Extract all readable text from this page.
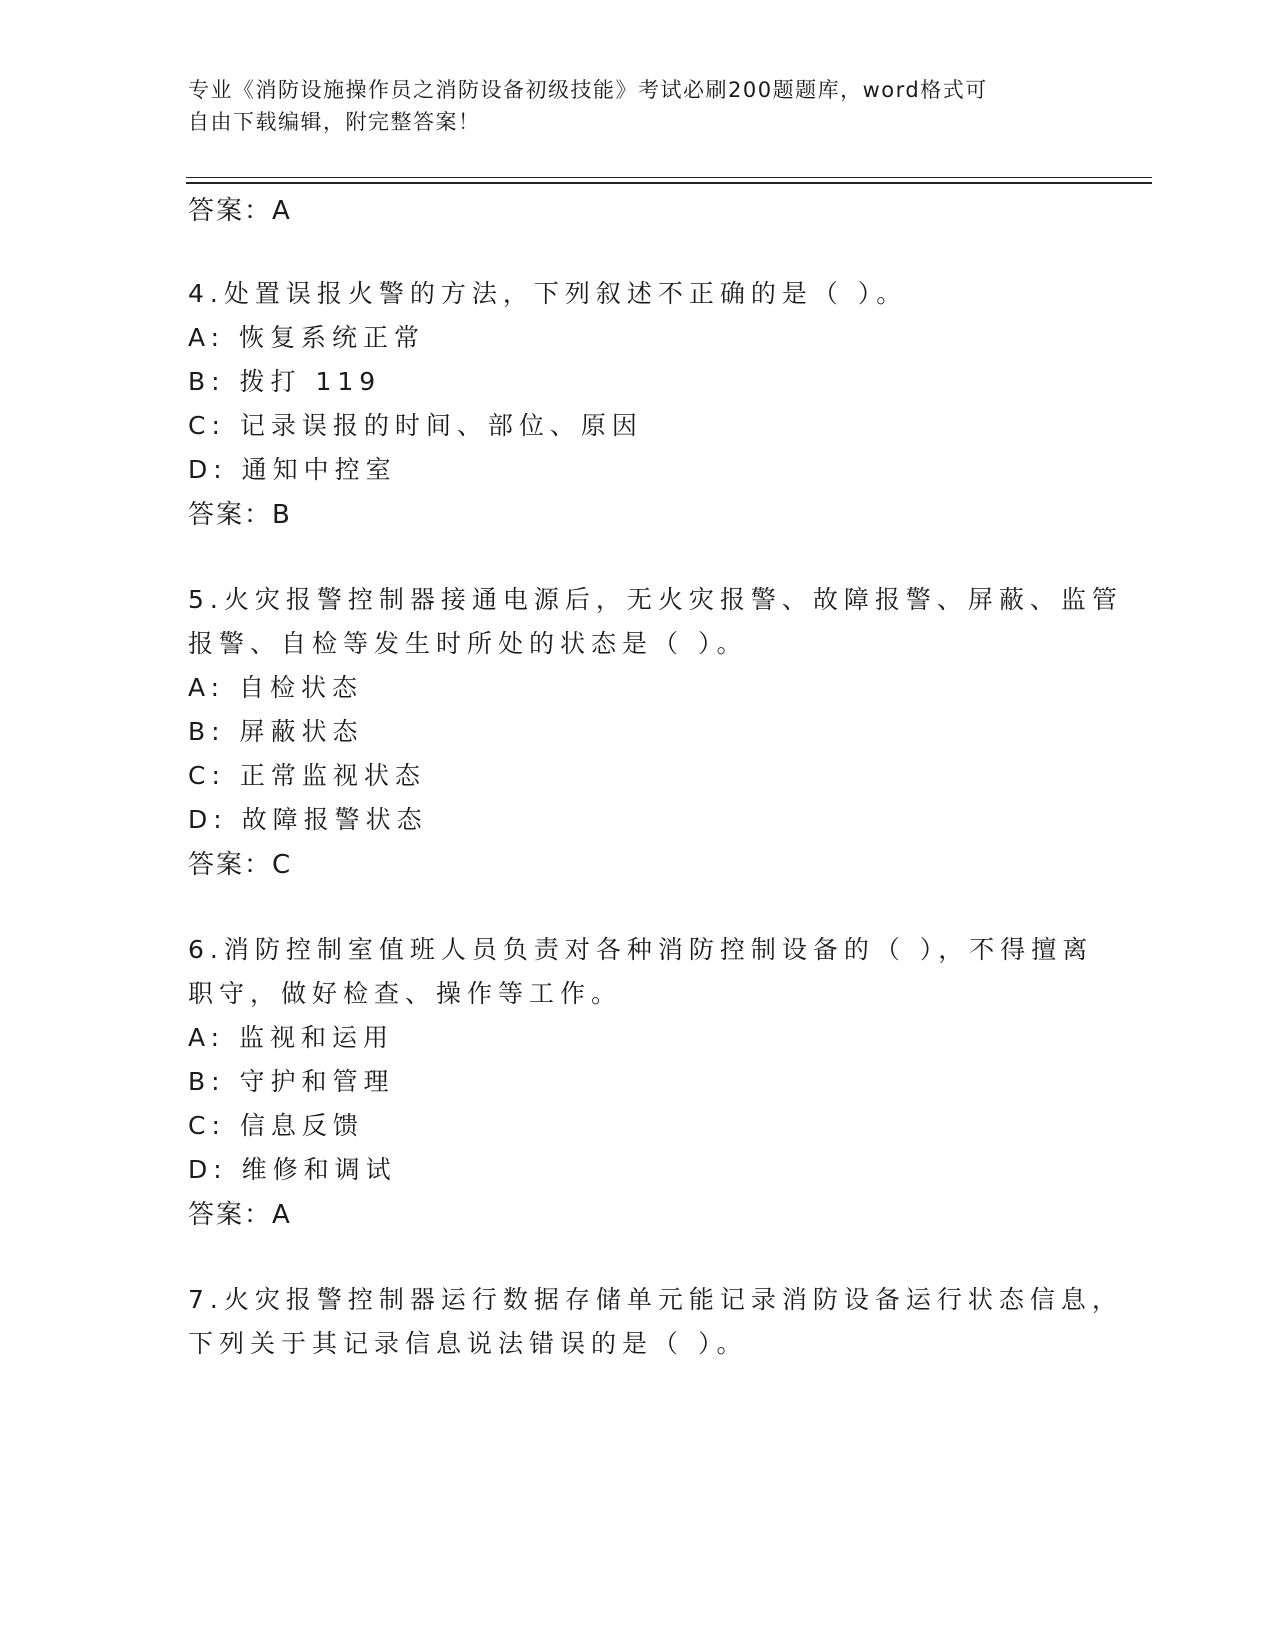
专业《消防设施操作员之消防设备初级技能》考试必刷200题题库，word格式可
自由下载编辑，附完整答案！
答案：A
4.处置误报火警的方法，下列叙述不正确的是（ ）。
A: 恢复系统正常
B: 拨打 119
C: 记录误报的时间、部位、原因
D: 通知中控室
答案：B
5.火灾报警控制器接通电源后，无火灾报警、故障报警、屏蔽、监管
报警、自检等发生时所处的状态是（ ）。
A: 自检状态
B: 屏蔽状态
C: 正常监视状态
D: 故障报警状态
答案：C
6.消防控制室值班人员负责对各种消防控制设备的（ ），不得擅离
职守，做好检查、操作等工作。
A: 监视和运用
B: 守护和管理
C: 信息反馈
D: 维修和调试
答案：A
7.火灾报警控制器运行数据存储单元能记录消防设备运行状态信息，
下列关于其记录信息说法错误的是（ ）。
